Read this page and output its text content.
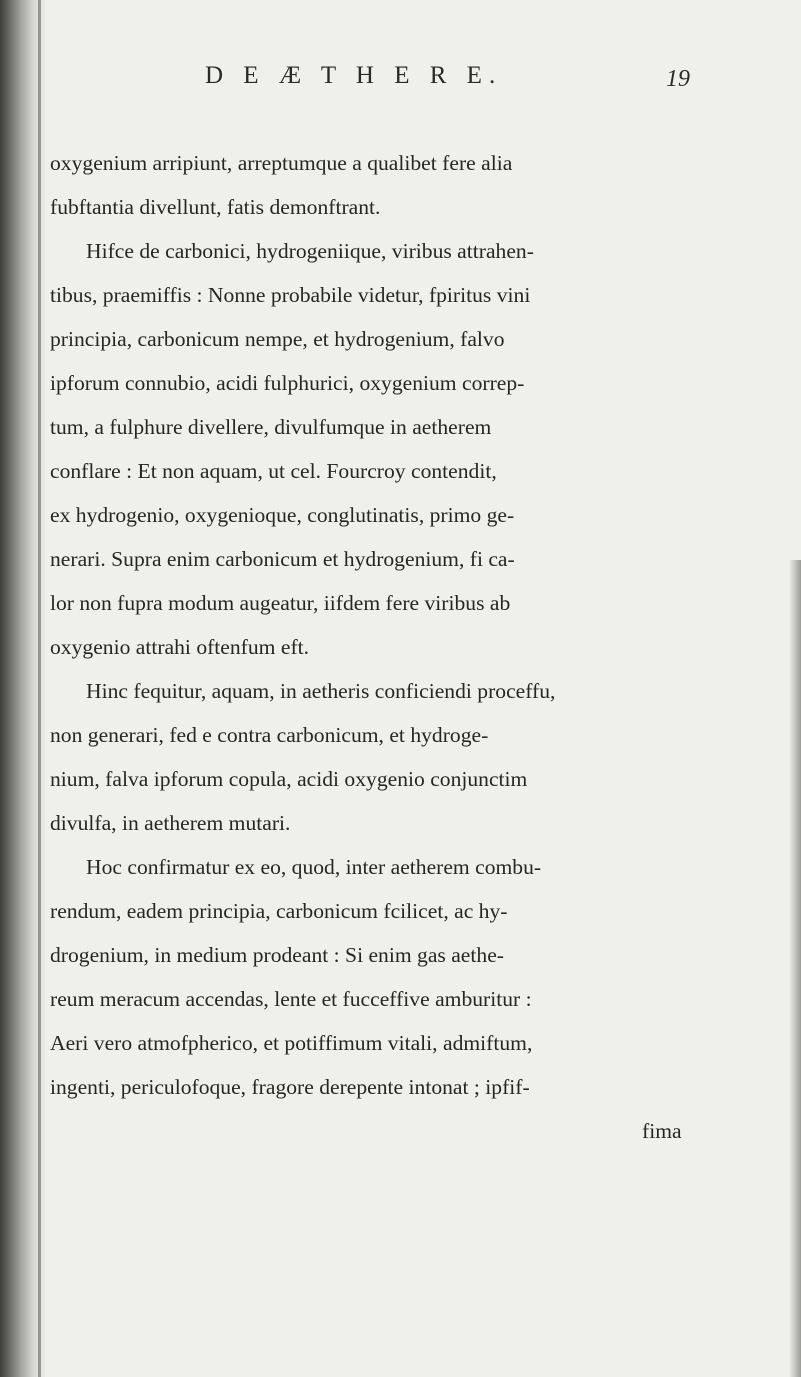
D E Æ T H E R E.	19
oxygenium arripiunt, arreptumque a qualibet fere alia
fubftantia divellunt, fatis demonftrant.
Hifce de carbonici, hydrogeniique, viribus attrahen-
tibus, praemiffis : Nonne probabile videtur, fpiritus vini
principia, carbonicum nempe, et hydrogenium, falvo
ipforum connubio, acidi fulphurici, oxygenium correp-
tum, a fulphure divellere, divulfumque in aetherem
conflare : Et non aquam, ut cel. Fourcroy contendit,
ex hydrogenio, oxygenioque, conglutinatis, primo ge-
nerari. Supra enim carbonicum et hydrogenium, fi ca-
lor non fupra modum augeatur, iifdem fere viribus ab
oxygenio attrahi oftenfum eft.
Hinc fequitur, aquam, in aetheris conficiendi proceffu,
non generari, fed e contra carbonicum, et hydroge-
nium, falva ipforum copula, acidi oxygenio conjunctim
divulfa, in aetherem mutari.
Hoc confirmatur ex eo, quod, inter aetherem combu-
rendum, eadem principia, carbonicum fcilicet, ac hy-
drogenium, in medium prodeant : Si enim gas aethe-
reum meracum accendas, lente et fucceffive amburitur :
Aeri vero atmofpherico, et potiffimum vitali, admiftum,
ingenti, periculofoque, fragore derepente intonat ; ipfif-
fima
